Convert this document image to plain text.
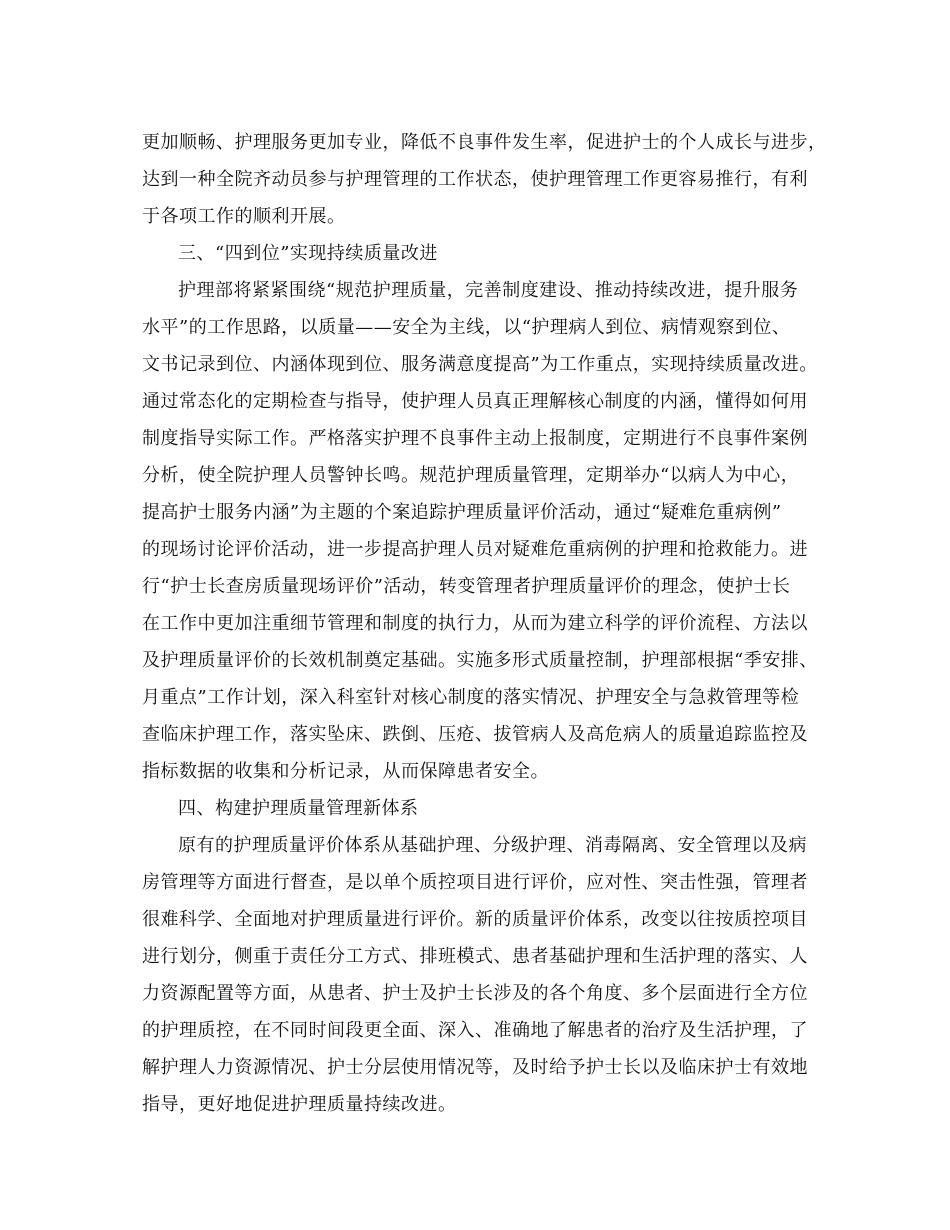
更加顺畅、护理服务更加专业，降低不良事件发生率，促进护士的个人成长与进步，
达到一种全院齐动员参与护理管理的工作状态，使护理管理工作更容易推行，有利
于各项工作的顺利开展。
三、“四到位”实现持续质量改进
护理部将紧紧围绕“规范护理质量，完善制度建设、推动持续改进，提升服务
水平”的工作思路，以质量——安全为主线，以“护理病人到位、病情观察到位、
文书记录到位、内涵体现到位、服务满意度提高”为工作重点，实现持续质量改进。
通过常态化的定期检查与指导，使护理人员真正理解核心制度的内涵，懂得如何用
制度指导实际工作。严格落实护理不良事件主动上报制度，定期进行不良事件案例
分析，使全院护理人员警钟长鸣。规范护理质量管理，定期举办“以病人为中心，
提高护士服务内涵”为主题的个案追踪护理质量评价活动，通过“疑难危重病例”
的现场讨论评价活动，进一步提高护理人员对疑难危重病例的护理和抢救能力。进
行“护士长查房质量现场评价”活动，转变管理者护理质量评价的理念，使护士长
在工作中更加注重细节管理和制度的执行力，从而为建立科学的评价流程、方法以
及护理质量评价的长效机制奠定基础。实施多形式质量控制，护理部根据“季安排、
月重点”工作计划，深入科室针对核心制度的落实情况、护理安全与急救管理等检
查临床护理工作，落实坠床、跌倒、压疮、拔管病人及高危病人的质量追踪监控及
指标数据的收集和分析记录，从而保障患者安全。
四、构建护理质量管理新体系
原有的护理质量评价体系从基础护理、分级护理、消毒隔离、安全管理以及病
房管理等方面进行督查，是以单个质控项目进行评价，应对性、突击性强，管理者
很难科学、全面地对护理质量进行评价。新的质量评价体系，改变以往按质控项目
进行划分，侧重于责任分工方式、排班模式、患者基础护理和生活护理的落实、人
力资源配置等方面，从患者、护士及护士长涉及的各个角度、多个层面进行全方位
的护理质控，在不同时间段更全面、深入、准确地了解患者的治疗及生活护理，了
解护理人力资源情况、护士分层使用情况等，及时给予护士长以及临床护士有效地
指导，更好地促进护理质量持续改进。
